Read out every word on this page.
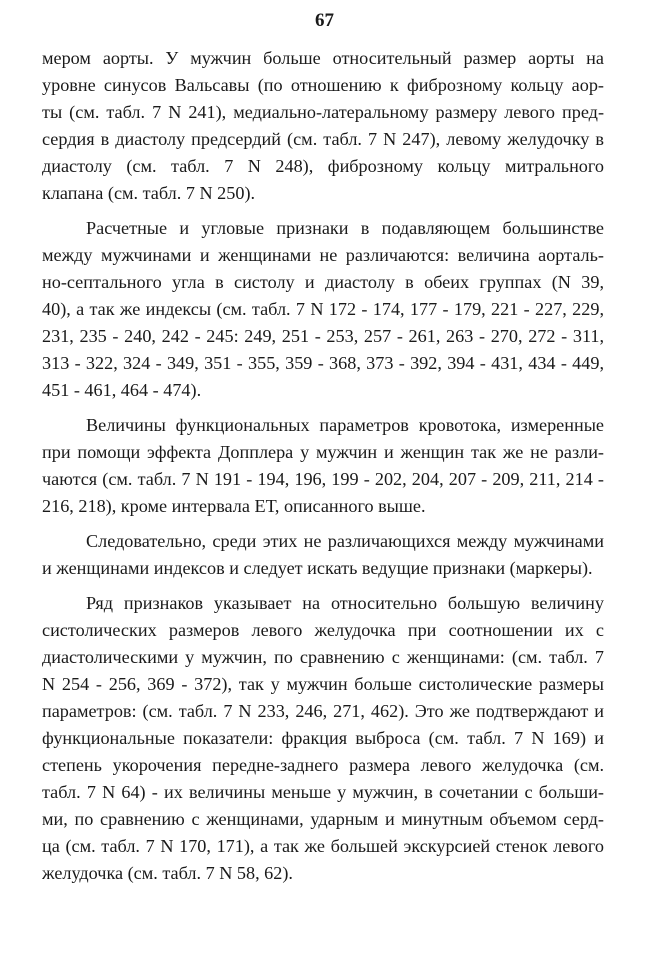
67
мером аорты. У мужчин больше относительный размер аорты на
уровне синусов Вальсавы (по отношению к фиброзному кольцу аор-
ты (см. табл. 7 N 241), медиально-латеральному размеру левого пред-
сердия в диастолу предсердий (см. табл. 7 N 247), левому желудочку в
диастолу (см. табл. 7 N 248), фиброзному кольцу митрального
клапана (см. табл. 7 N 250).
Расчетные и угловые признаки в подавляющем большинстве
между мужчинами и женщинами не различаются: величина аорталь-
но-септального угла в систолу и диастолу в обеих группах (N 39,
40), а так же индексы (см. табл. 7 N 172 - 174, 177 - 179, 221 - 227, 229,
231, 235 - 240, 242 - 245: 249, 251 - 253, 257 - 261, 263 - 270, 272 - 311,
313 - 322, 324 - 349, 351 - 355, 359 - 368, 373 - 392, 394 - 431, 434 - 449,
451 - 461, 464 - 474).
Величины функциональных параметров кровотока, измеренные
при помощи эффекта Допплера у мужчин и женщин так же не разли-
чаются (см. табл. 7 N 191 - 194, 196, 199 - 202, 204, 207 - 209, 211, 214 -
216, 218), кроме интервала ЕТ, описанного выше.
Следовательно, среди этих не различающихся между мужчинами
и женщинами индексов и следует искать ведущие признаки (маркеры).
Ряд признаков указывает на относительно большую величину
систолических размеров левого желудочка при соотношении их с
диастолическими у мужчин, по сравнению с женщинами: (см. табл. 7
N 254 - 256, 369 - 372), так у мужчин больше систолические размеры
параметров: (см. табл. 7 N 233, 246, 271, 462). Это же подтверждают и
функциональные показатели: фракция выброса (см. табл. 7 N 169) и
степень укорочения передне-заднего размера левого желудочка (см.
табл. 7 N 64) - их величины меньше у мужчин, в сочетании с больши-
ми, по сравнению с женщинами, ударным и минутным объемом серд-
ца (см. табл. 7 N 170, 171), а так же большей экскурсией стенок левого
желудочка (см. табл. 7 N 58, 62).
